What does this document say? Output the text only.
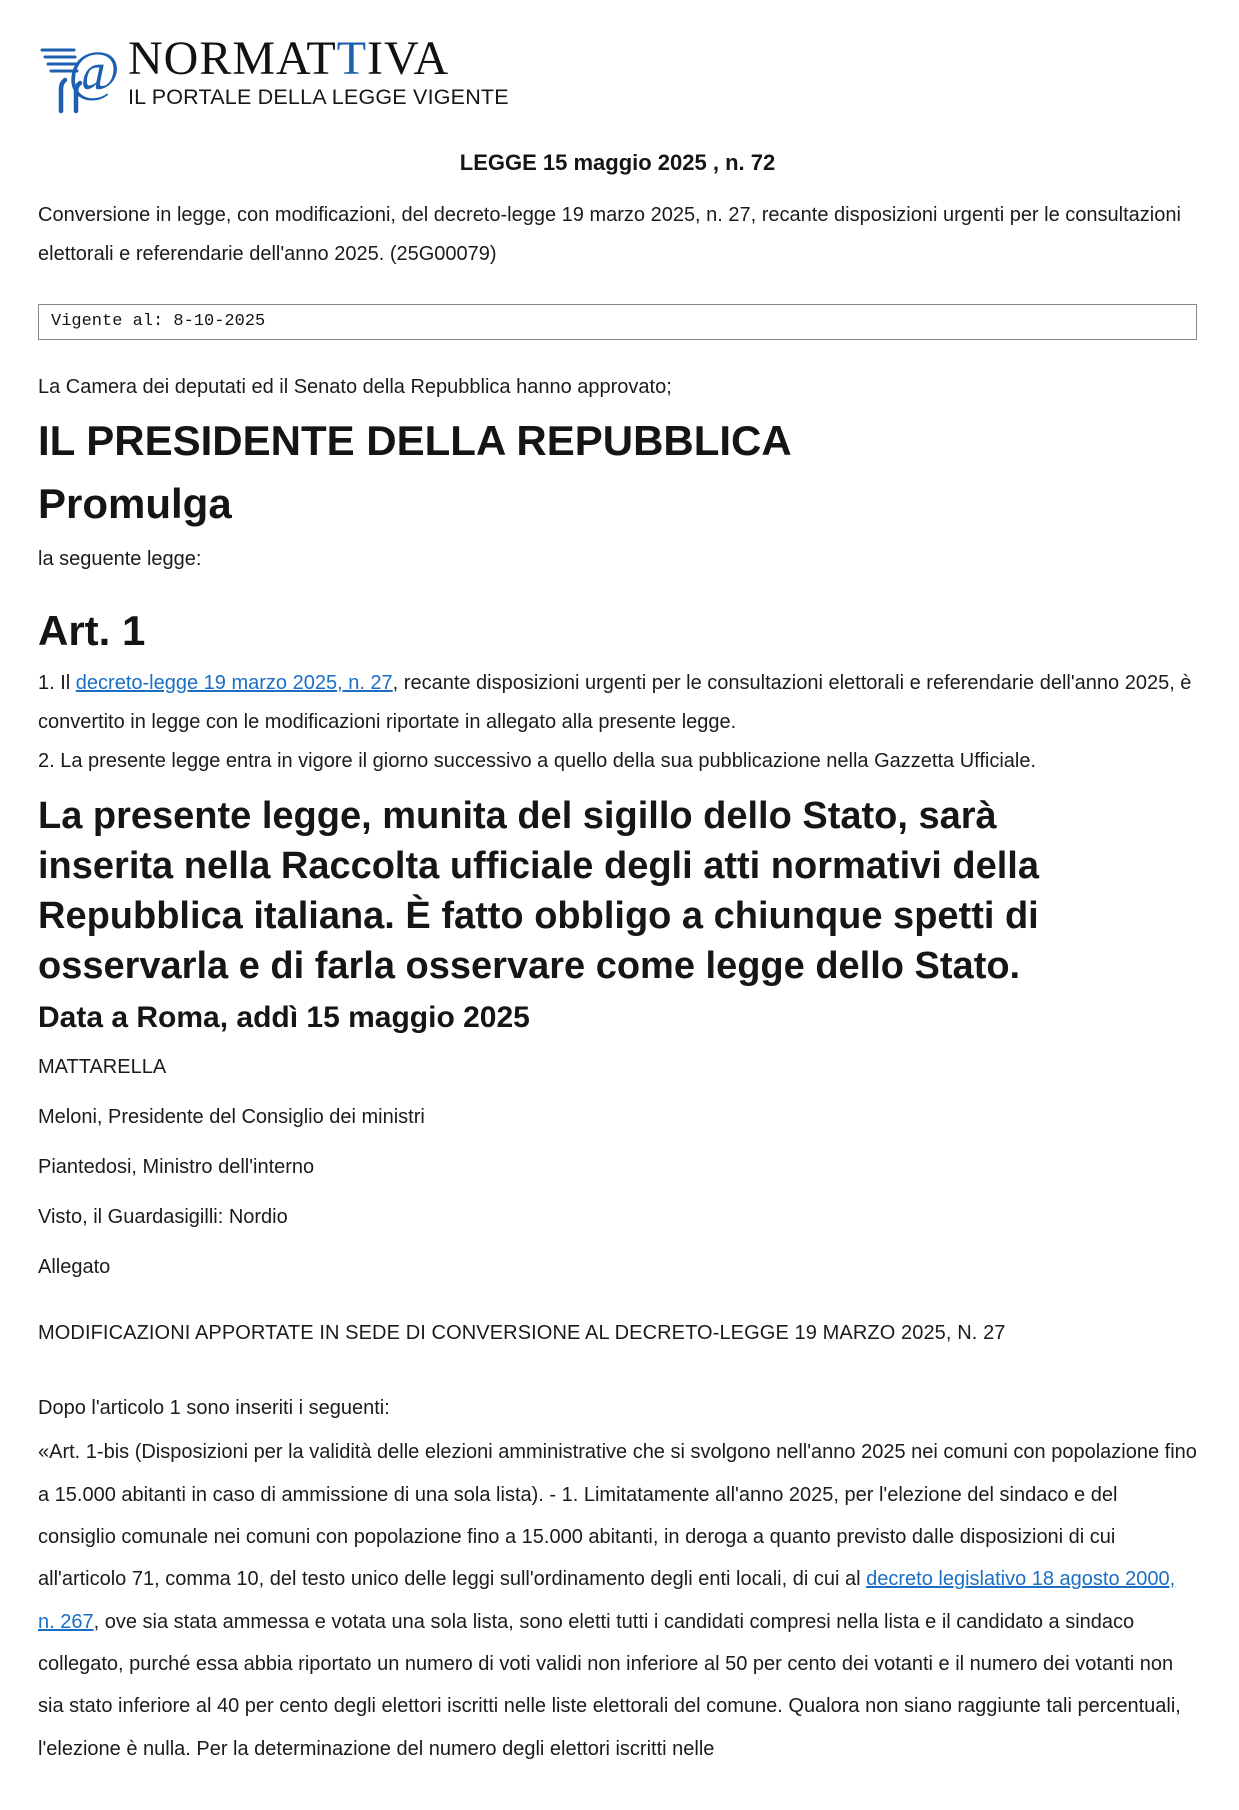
@ NORMATTIVA
IL PORTALE DELLA LEGGE VIGENTE
LEGGE 15 maggio 2025 , n. 72

Conversione in legge, con modificazioni, del decreto-legge 19 marzo 2025, n. 27, recante disposizioni urgenti per le consultazioni elettorali e referendarie dell'anno 2025. (25G00079)

Vigente al: 8-10-2025

La Camera dei deputati ed il Senato della Repubblica hanno approvato;

IL PRESIDENTE DELLA REPUBBLICA
Promulga

la seguente legge:

Art. 1

1. Il decreto-legge 19 marzo 2025, n. 27, recante disposizioni urgenti per le consultazioni elettorali e referendarie dell'anno 2025, è convertito in legge con le modificazioni riportate in allegato alla presente legge.

2. La presente legge entra in vigore il giorno successivo a quello della sua pubblicazione nella Gazzetta Ufficiale.

La presente legge, munita del sigillo dello Stato, sarà inserita nella Raccolta ufficiale degli atti normativi della Repubblica italiana. È fatto obbligo a chiunque spetti di osservarla e di farla osservare come legge dello Stato.
Data a Roma, addì 15 maggio 2025

MATTARELLA

Meloni, Presidente del Consiglio dei ministri

Piantedosi, Ministro dell'interno

Visto, il Guardasigilli: Nordio

Allegato

MODIFICAZIONI APPORTATE IN SEDE DI CONVERSIONE AL DECRETO-LEGGE 19 MARZO 2025, N. 27

Dopo l'articolo 1 sono inseriti i seguenti:

«Art. 1-bis (Disposizioni per la validità delle elezioni amministrative che si svolgono nell'anno 2025 nei comuni con popolazione fino a 15.000 abitanti in caso di ammissione di una sola lista). - 1. Limitatamente all'anno 2025, per l'elezione del sindaco e del consiglio comunale nei comuni con popolazione fino a 15.000 abitanti, in deroga a quanto previsto dalle disposizioni di cui all'articolo 71, comma 10, del testo unico delle leggi sull'ordinamento degli enti locali, di cui al decreto legislativo 18 agosto 2000, n. 267, ove sia stata ammessa e votata una sola lista, sono eletti tutti i candidati compresi nella lista e il candidato a sindaco collegato, purché essa abbia riportato un numero di voti validi non inferiore al 50 per cento dei votanti e il numero dei votanti non sia stato inferiore al 40 per cento degli elettori iscritti nelle liste elettorali del comune. Qualora non siano raggiunte tali percentuali, l'elezione è nulla. Per la determinazione del numero degli elettori iscritti nelle
